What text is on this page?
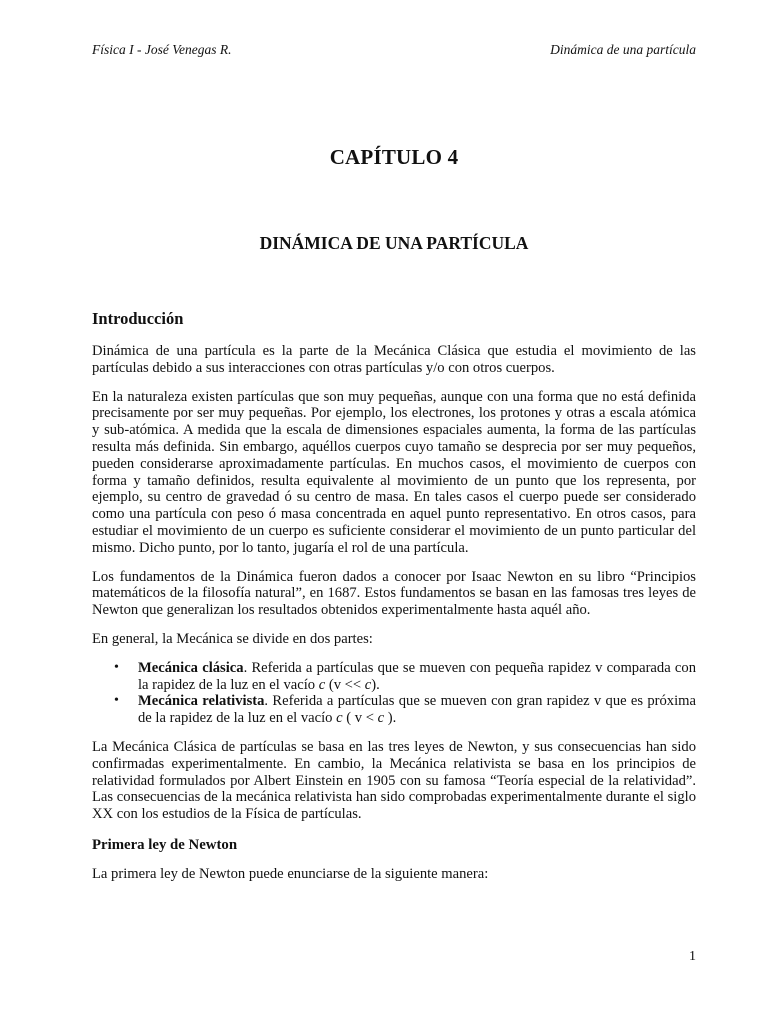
Física I - José Venegas R.	Dinámica de una partícula
CAPÍTULO 4
DINÁMICA DE UNA PARTÍCULA
Introducción

Dinámica de una partícula es la parte de la Mecánica Clásica que estudia el movimiento de las partículas debido a sus interacciones con otras partículas y/o con otros cuerpos.

En la naturaleza existen partículas que son muy pequeñas, aunque con una forma que no está definida precisamente por ser muy pequeñas. Por ejemplo, los electrones, los protones y otras a escala atómica y sub-atómica. A medida que la escala de dimensiones espaciales aumenta, la forma de las partículas resulta más definida. Sin embargo, aquéllos cuerpos cuyo tamaño se desprecia por ser muy pequeños, pueden considerarse aproximadamente partículas. En muchos casos, el movimiento de cuerpos con forma y tamaño definidos, resulta equivalente al movimiento de un punto que los representa, por ejemplo, su centro de gravedad ó su centro de masa. En tales casos el cuerpo puede ser considerado como una partícula con peso ó masa concentrada en aquel punto representativo. En otros casos, para estudiar el movimiento de un cuerpo es suficiente considerar el movimiento de un punto particular del mismo. Dicho punto, por lo tanto, jugaría el rol de una partícula.

Los fundamentos de la Dinámica fueron dados a conocer por Isaac Newton en su libro “Principios matemáticos de la filosofía natural”, en 1687. Estos fundamentos se basan en las famosas tres leyes de Newton que generalizan los resultados obtenidos experimentalmente hasta aquél año.

En general, la Mecánica se divide en dos partes:

• Mecánica clásica. Referida a partículas que se mueven con pequeña rapidez v comparada con la rapidez de la luz en el vacío c (v << c).
• Mecánica relativista. Referida a partículas que se mueven con gran rapidez v que es próxima de la rapidez de la luz en el vacío c ( v < c ).

La Mecánica Clásica de partículas se basa en las tres leyes de Newton, y sus consecuencias han sido confirmadas experimentalmente. En cambio, la Mecánica relativista se basa en los principios de relatividad formulados por Albert Einstein en 1905 con su famosa “Teoría especial de la relatividad”. Las consecuencias de la mecánica relativista han sido comprobadas experimentalmente durante el siglo XX con los estudios de la Física de partículas.

Primera ley de Newton

La primera ley de Newton puede enunciarse de la siguiente manera:

1
